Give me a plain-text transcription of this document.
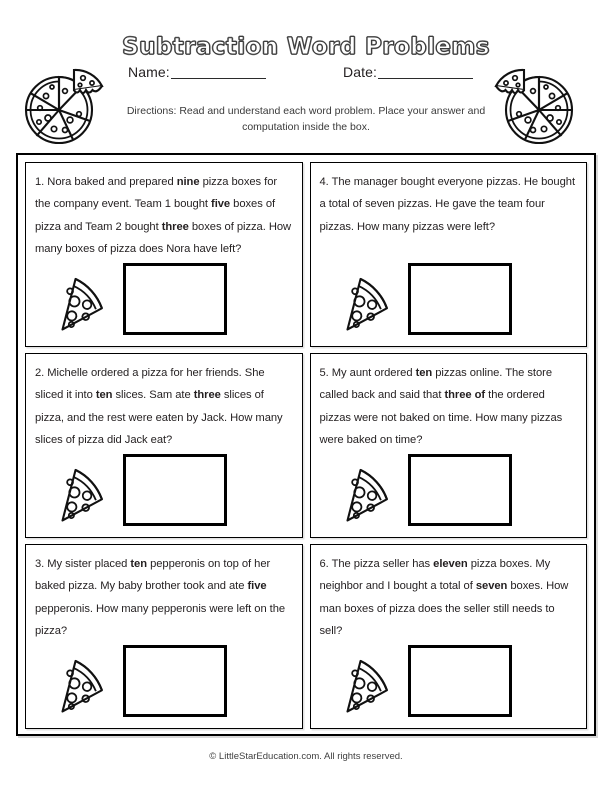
Subtraction Word Problems
Name:	Date:
Directions: Read and understand each word problem. Place your answer and computation inside the box.
1. Nora baked and prepared nine pizza boxes for the company event. Team 1 bought five boxes of pizza and Team 2 bought three boxes of pizza. How many boxes of pizza does Nora have left?
4. The manager bought everyone pizzas. He bought a total of seven pizzas. He gave the team four pizzas. How many pizzas were left?
2. Michelle ordered a pizza for her friends. She sliced it into ten slices. Sam ate three slices of pizza, and the rest were eaten by Jack. How many slices of pizza did Jack eat?
5. My aunt ordered ten pizzas online. The store called back and said that three of the ordered pizzas were not baked on time. How many pizzas were baked on time?
3. My sister placed ten pepperonis on top of her baked pizza. My baby brother took and ate five pepperonis. How many pepperonis were left on the pizza?
6. The pizza seller has eleven pizza boxes. My neighbor and I bought a total of seven boxes. How man boxes of pizza does the seller still needs to sell?
© LittleStarEducation.com. All rights reserved.
